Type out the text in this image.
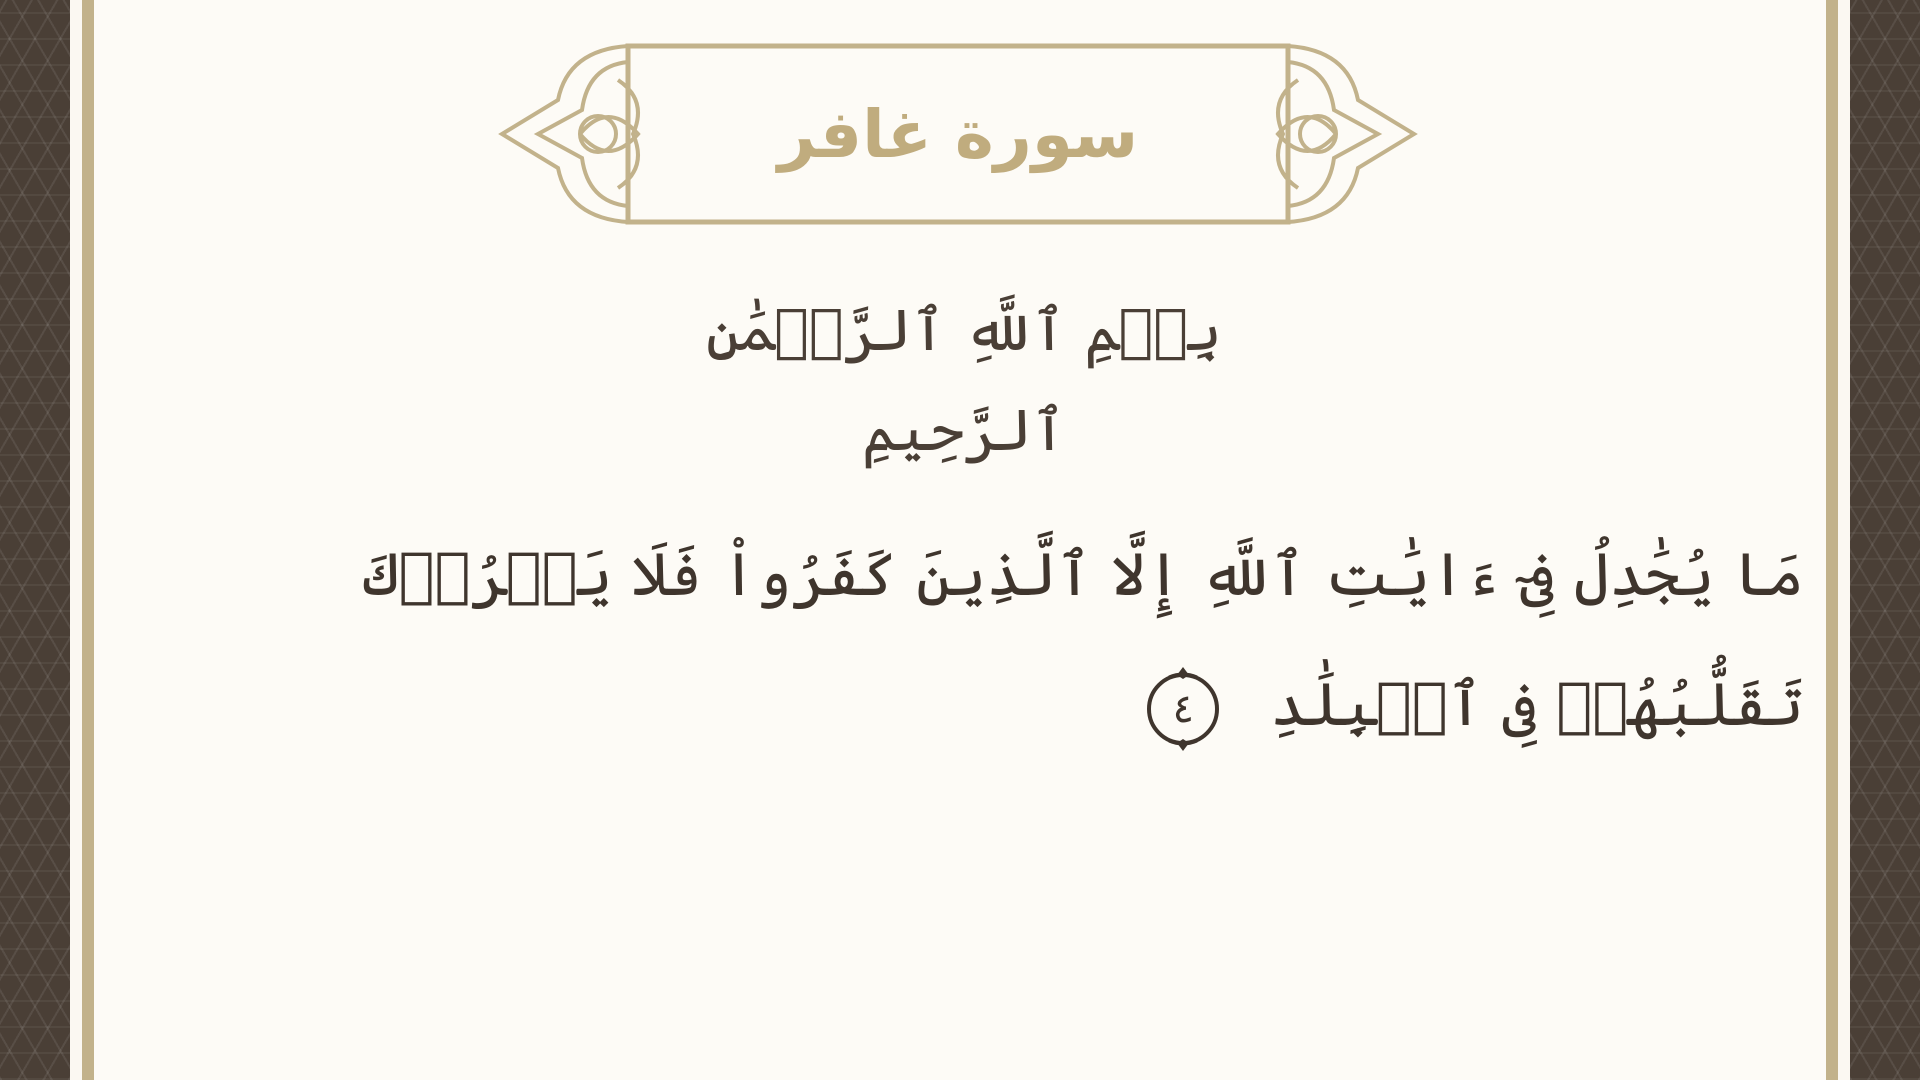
سورة غافر
بِسۡمِ ٱللَّهِ ٱلرَّحۡمَٰنِ ٱلرَّحِيمِ
مَا يُجَٰدِلُ فِىٓ ءَايَٰتِ ٱللَّهِ إِلَّا ٱلَّذِينَ كَفَرُواْ فَلَا يَغۡرُرۡكَ تَقَلُّبُهُمۡ فِى ٱلۡبِلَٰدِ
٤
